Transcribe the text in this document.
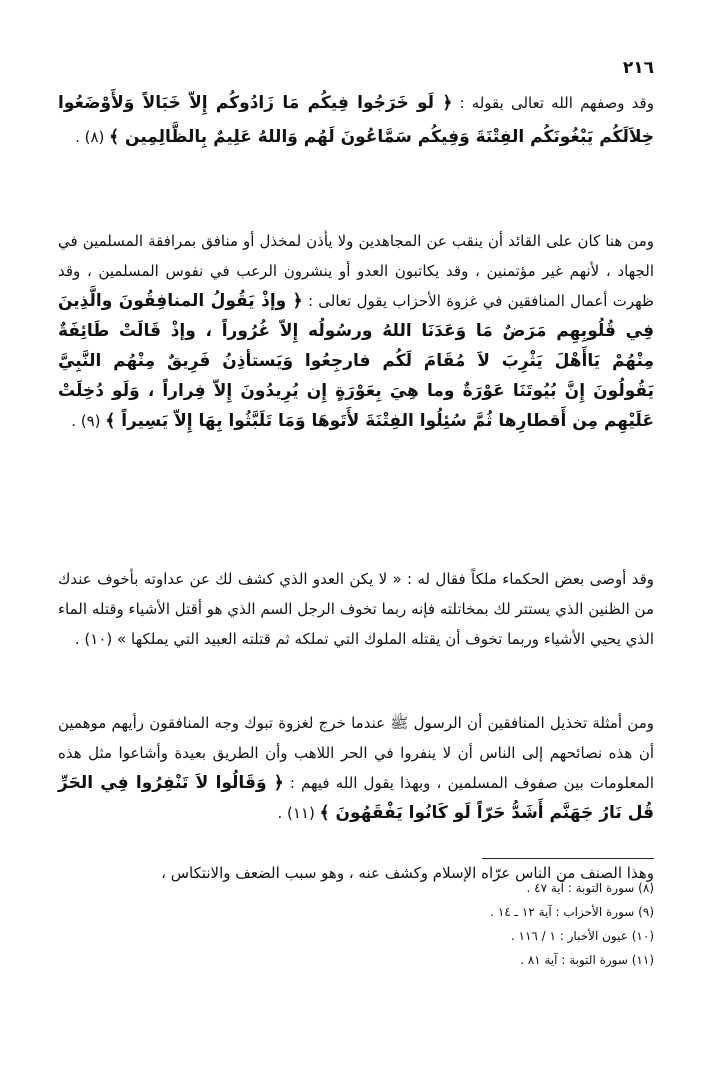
٢١٦

وقد وصفهم الله تعالى بقوله : ﴿ لَو خَرَجُوا فِيكُم مَا زَادُوكُم إِلاّ خَبَالاً وَلأَوْضَعُوا خِلاَلَكُم يَبْغُونَكُم الفِتْنَةَ وَفِيكُم سَمَّاعُونَ لَهُم وَاللهُ عَلِيمٌ بِالظَّالِمِين ﴾ (٨) .

ومن هنا كان على القائد أن ينقب عن المجاهدين ولا يأذن لمخذل أو منافق بمرافقة المسلمين في الجهاد ، لأنهم غير مؤتمنين ، وقد يكاتبون العدو أو ينشرون الرعب في نفوس المسلمين ، وقد ظهرت أعمال المنافقين في غزوة الأحزاب يقول تعالى : ﴿ وإذْ يَقُولُ المنافِقُونَ والَّذِينَ فِي قُلُوبِهِم مَرَضٌ مَا وَعَدَنَا اللهُ ورسُولُه إِلاّ غُرُوراً ، وإذْ قَالَتْ طَائِفَةٌ مِنْهُمْ يَاأَهْلَ يَثْرِبَ لاَ مُقَامَ لَكُم فارجِعُوا وَيَستأذِنُ فَرِيقٌ مِنْهُم النَّبِيَّ يَقُولُونَ إِنَّ بُيُوتَنَا عَوْرَةٌ وما هِيَ بِعَوْرَةٍ إِن يُرِيدُونَ إِلاّ فِراراً ، وَلَو دُخِلَتْ عَلَيْهِم مِن أَقطارِها ثُمَّ سُئِلُوا الفِتْنَةَ لأَتَوهَا وَمَا تَلَبَّثُوا بِهَا إِلاّ يَسِيراً ﴾ (٩) .

وقد أوصى بعض الحكماء ملكاً فقال له : « لا يكن العدو الذي كشف لك عن عداوته بأخوف عندك من الظنين الذي يستتر لك بمخاتلته فإنه ربما تخوف الرجل السم الذي هو أقتل الأشياء وقتله الماء الذي يحيي الأشياء وربما تخوف أن يقتله الملوك التي تملكه ثم قتلته العبيد التي يملكها » (١٠) .

ومن أمثلة تخذيل المنافقين أن الرسول ﷺ عندما خرج لغزوة تبوك وجه المنافقون رأيهم موهمين أن هذه نصائحهم إلى الناس أن لا ينفروا في الحر اللاهب وأن الطريق بعيدة وأشاعوا مثل هذه المعلومات بين صفوف المسلمين ، وبهذا يقول الله فيهم : ﴿ وَقَالُوا لاَ تَنْفِرُوا فِي الحَرِّ قُل نَارُ جَهَنَّم أَشَدُّ حَرّاً لَو كَانُوا يَفْقَهُونَ ﴾ (١١) .

وهذا الصنف من الناس عرّاه الإسلام وكشف عنه ، وهو سبب الضعف والانتكاس ،

(٨) سورة التوبة : آية ٤٧ .
(٩) سورة الأحزاب : آية ١٢ ـ ١٤ .
(١٠) عيون الأخبار : ١ / ١١٦ .
(١١) سورة التوبة : آية ٨١ .
